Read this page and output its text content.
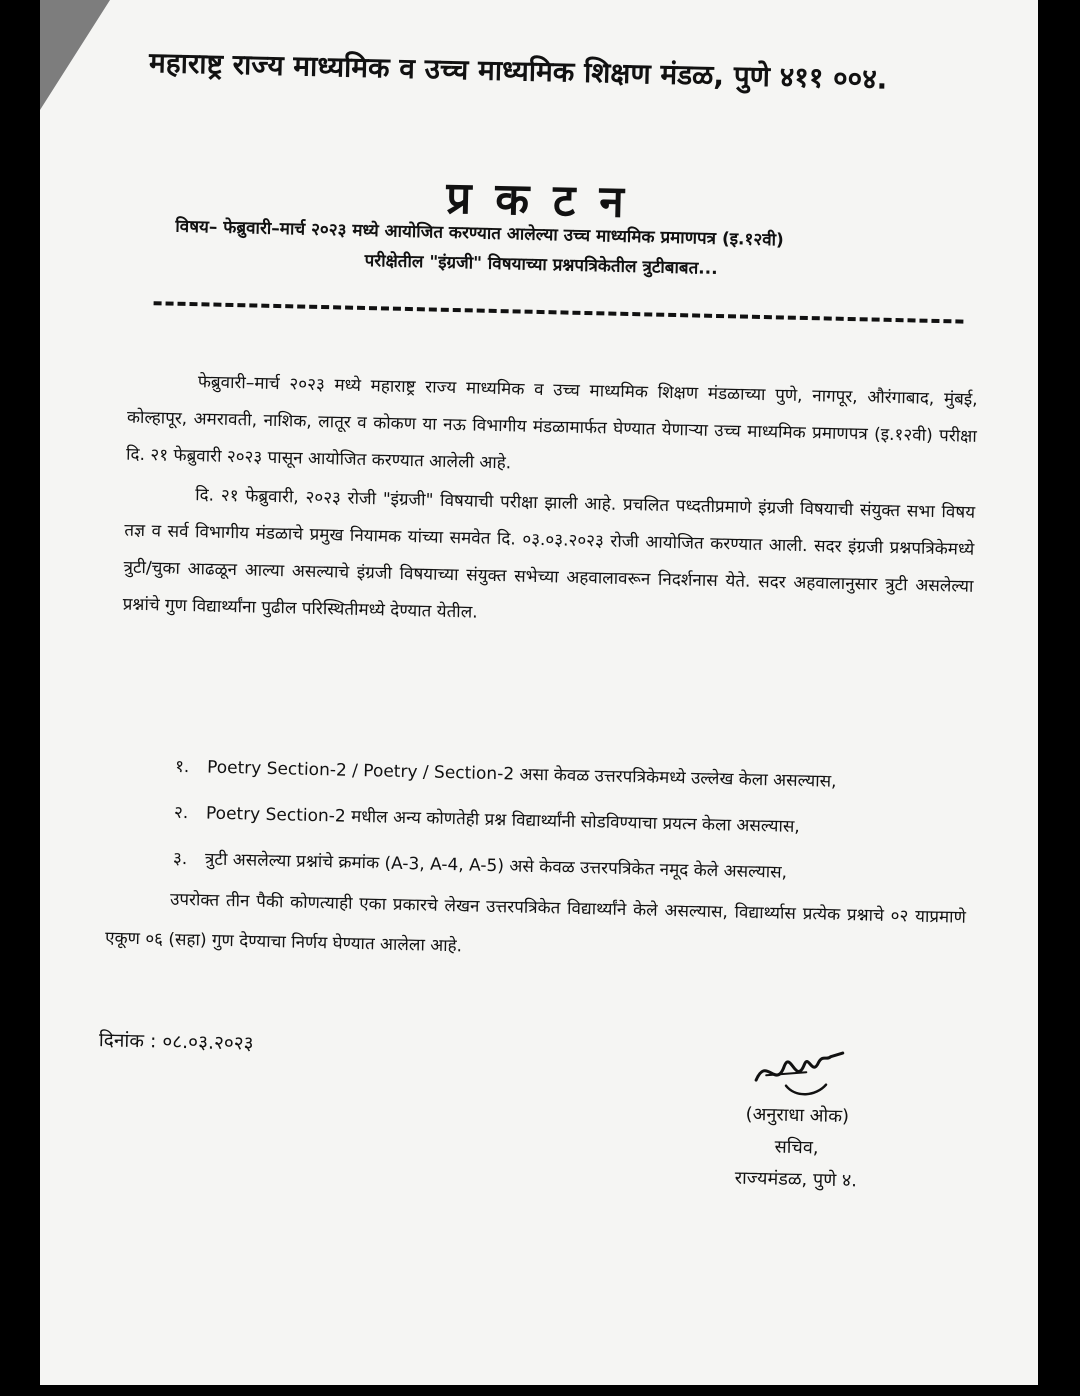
महाराष्ट्र राज्य माध्यमिक व उच्च माध्यमिक शिक्षण मंडळ, पुणे ४११ ००४.
प्रकटन
विषय– फेब्रुवारी–मार्च २०२३ मध्ये आयोजित करण्यात आलेल्या उच्च माध्यमिक प्रमाणपत्र (इ.१२वी)
परीक्षेतील "इंग्रजी" विषयाच्या प्रश्नपत्रिकेतील त्रुटीबाबत...

फेब्रुवारी–मार्च २०२३ मध्ये महाराष्ट्र राज्य माध्यमिक व उच्च माध्यमिक शिक्षण मंडळाच्या पुणे, नागपूर, औरंगाबाद, मुंबई, कोल्हापूर, अमरावती, नाशिक, लातूर व कोकण या नऊ विभागीय मंडळामार्फत घेण्यात येणाऱ्या उच्च माध्यमिक प्रमाणपत्र (इ.१२वी) परीक्षा दि. २१ फेब्रुवारी २०२३ पासून आयोजित करण्यात आलेली आहे.

दि. २१ फेब्रुवारी, २०२३ रोजी "इंग्रजी" विषयाची परीक्षा झाली आहे. प्रचलित पध्दतीप्रमाणे इंग्रजी विषयाची संयुक्त सभा विषय तज्ञ व सर्व विभागीय मंडळाचे प्रमुख नियामक यांच्या समवेत दि. ०३.०३.२०२३ रोजी आयोजित करण्यात आली. सदर इंग्रजी प्रश्नपत्रिकेमध्ये त्रुटी/चुका आढळून आल्या असल्याचे इंग्रजी विषयाच्या संयुक्त सभेच्या अहवालावरून निदर्शनास येते. सदर अहवालानुसार त्रुटी असलेल्या प्रश्नांचे गुण विद्यार्थ्यांना पुढील परिस्थितीमध्ये देण्यात येतील.

१.	Poetry Section-2 / Poetry / Section-2 असा केवळ उत्तरपत्रिकेमध्ये उल्लेख केला असल्यास,
२.	Poetry Section-2 मधील अन्य कोणतेही प्रश्न विद्यार्थ्यांनी सोडविण्याचा प्रयत्न केला असल्यास,
३.	त्रुटी असलेल्या प्रश्नांचे क्रमांक (A-3, A-4, A-5) असे केवळ उत्तरपत्रिकेत नमूद केले असल्यास,

उपरोक्त तीन पैकी कोणत्याही एका प्रकारचे लेखन उत्तरपत्रिकेत विद्यार्थ्यांने केले असल्यास, विद्यार्थ्यास प्रत्येक प्रश्नाचे ०२ याप्रमाणे एकूण ०६ (सहा) गुण देण्याचा निर्णय घेण्यात आलेला आहे.

दिनांक : ०८.०३.२०२३
(अनुराधा ओक)
सचिव,
राज्यमंडळ, पुणे ४.
